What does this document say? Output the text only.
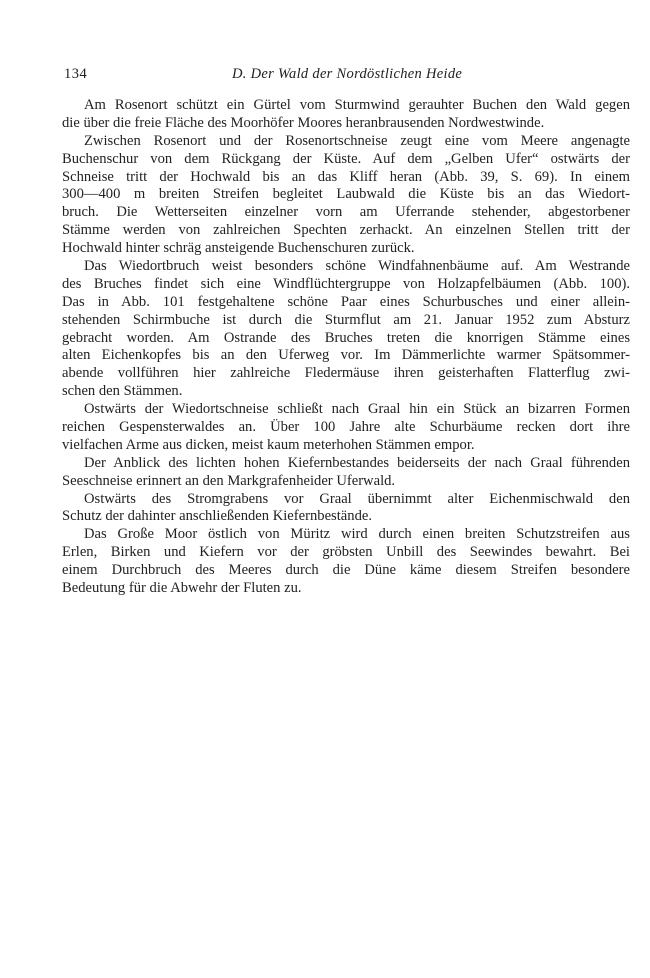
134	D. Der Wald der Nordöstlichen Heide
Am Rosenort schützt ein Gürtel vom Sturmwind gerauhter Buchen den Wald gegen
die über die freie Fläche des Moorhöfer Moores heranbrausenden Nordwestwinde.
Zwischen Rosenort und der Rosenortschneise zeugt eine vom Meere angenagte
Buchenschur von dem Rückgang der Küste. Auf dem „Gelben Ufer“ ostwärts der
Schneise tritt der Hochwald bis an das Kliff heran (Abb. 39, S. 69). In einem
300—400 m breiten Streifen begleitet Laubwald die Küste bis an das Wiedort-
bruch. Die Wetterseiten einzelner vorn am Uferrande stehender, abgestorbener
Stämme werden von zahlreichen Spechten zerhackt. An einzelnen Stellen tritt der
Hochwald hinter schräg ansteigende Buchenschuren zurück.
Das Wiedortbruch weist besonders schöne Windfahnenbäume auf. Am Westrande
des Bruches findet sich eine Windflüchtergruppe von Holzapfelbäumen (Abb. 100).
Das in Abb. 101 festgehaltene schöne Paar eines Schurbusches und einer allein-
stehenden Schirmbuche ist durch die Sturmflut am 21. Januar 1952 zum Absturz
gebracht worden. Am Ostrande des Bruches treten die knorrigen Stämme eines
alten Eichenkopfes bis an den Uferweg vor. Im Dämmerlichte warmer Spätsommer-
abende vollführen hier zahlreiche Fledermäuse ihren geisterhaften Flatterflug zwi-
schen den Stämmen.
Ostwärts der Wiedortschneise schließt nach Graal hin ein Stück an bizarren Formen
reichen Gespensterwaldes an. Über 100 Jahre alte Schurbäume recken dort ihre
vielfachen Arme aus dicken, meist kaum meterhohen Stämmen empor.
Der Anblick des lichten hohen Kiefernbestandes beiderseits der nach Graal führenden
Seeschneise erinnert an den Markgrafenheider Uferwald.
Ostwärts des Stromgrabens vor Graal übernimmt alter Eichenmischwald den
Schutz der dahinter anschließenden Kiefernbestände.
Das Große Moor östlich von Müritz wird durch einen breiten Schutzstreifen aus
Erlen, Birken und Kiefern vor der gröbsten Unbill des Seewindes bewahrt. Bei
einem Durchbruch des Meeres durch die Düne käme diesem Streifen besondere
Bedeutung für die Abwehr der Fluten zu.
